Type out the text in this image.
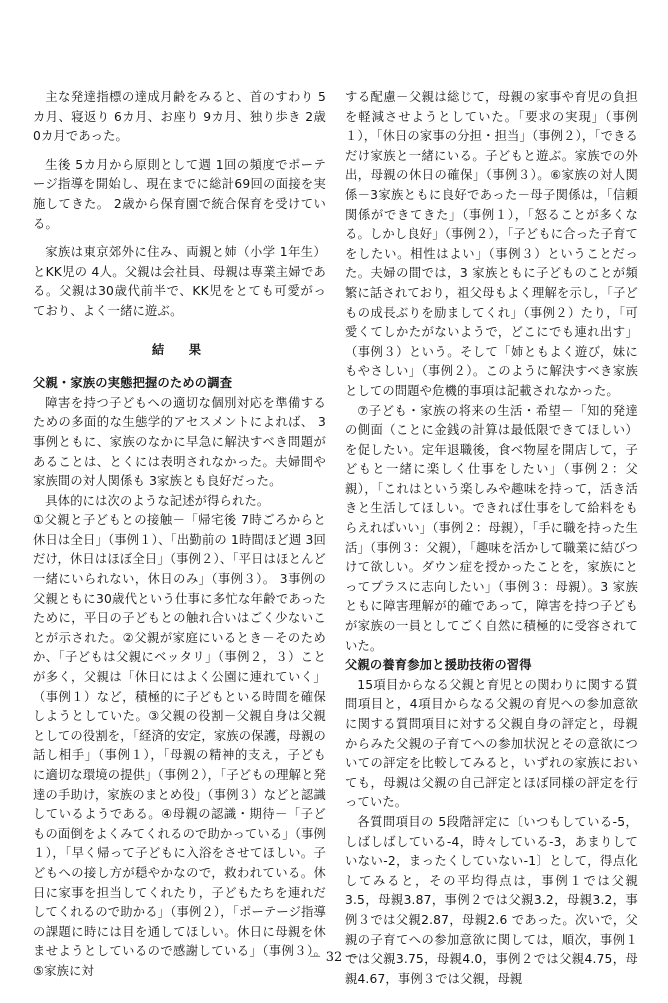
主な発達指標の達成月齢をみると、首のすわり 5カ月、寝返り 6カ月、お座り 9カ月、独り歩き 2歳 0カ月であった。

生後 5カ月から原則として週 1回の頻度でポーテージ指導を開始し、現在までに総計69回の面接を実施してきた。 2歳から保育園で統合保育を受けている。

家族は東京郊外に住み、両親と姉（小学 1年生）とKK児の 4人。父親は会社員、母親は専業主婦である。父親は30歳代前半で、KK児をとても可愛がっており、よく一緒に遊ぶ。

結　果
父親・家族の実態把握のための調査

障害を持つ子どもへの適切な個別対応を準備するための多面的な生態学的アセスメントによれば、 3事例ともに、家族のなかに早急に解決すべき問題があることは、とくには表明されなかった。夫婦間や家族間の対人関係も 3家族とも良好だった。

具体的には次のような記述が得られた。

①父親と子どもとの接触－「帰宅後 7時ごろからと休日は全日」（事例１）、「出勤前の 1時間ほど週 3回だけ，休日はほぼ全日」（事例２）、「平日はほとんど一緒にいられない，休日のみ」（事例３）。 3事例の父親ともに30歳代という仕事に多忙な年齢であったために，平日の子どもとの触れ合いはごく少ないことが示された。②父親が家庭にいるとき－そのためか、「子どもは父親にベッタリ」（事例２，３）ことが多く，父親は「休日にはよく公園に連れていく」（事例１）など，積極的に子どもといる時間を確保しようとしていた。③父親の役割－父親自身は父親としての役割を，「経済的安定，家族の保護，母親の話し相手」（事例１），「母親の精神的支え，子どもに適切な環境の提供」（事例２），「子どもの理解と発達の手助け，家族のまとめ役」（事例３）などと認識しているようである。④母親の認識・期待－「子どもの面倒をよくみてくれるので助かっている」（事例１），「早く帰って子どもに入浴をさせてほしい。子どもへの接し方が穏やかなので，救われている。休日に家事を担当してくれたり，子どもたちを連れだしてくれるので助かる」（事例２），「ポーテージ指導の課題に時には目を通してほしい。休日に母親を休ませようとしているので感謝している」（事例３）。⑤家族に対

する配慮－父親は総じて，母親の家事や育児の負担を軽減させようとしていた。「要求の実現」（事例１），「休日の家事の分担・担当」（事例２），「できるだけ家族と一緒にいる。子どもと遊ぶ。家族での外出，母親の休日の確保」（事例３）。⑥家族の対人関係－3家族ともに良好であった－母子関係は，「信頼関係ができてきた」（事例１），「怒ることが多くなる。しかし良好」（事例２），「子どもに合った子育てをしたい。相性はよい」（事例３）ということだった。夫婦の間では，3 家族ともに子どものことが頻繁に話されており，祖父母もよく理解を示し，「子どもの成長ぶりを励ましてくれ」（事例２）たり，「可愛くてしかたがないようで，どこにでも連れ出す」（事例３）という。そして「姉ともよく遊び，妹にもやさしい」（事例２）。このように解決すべき家族としての問題や危機的事項は記載されなかった。

⑦子ども・家族の将来の生活・希望－「知的発達の側面（ことに金銭の計算は最低限できてほしい）を促したい。定年退職後，食べ物屋を開店して，子どもと一緒に楽しく仕事をしたい」（事例２：父親），「これはという楽しみや趣味を持って，活き活きと生活してほしい。できれば仕事をして給料をもらえればいい」（事例２：母親），「手に職を持った生活」（事例３：父親），「趣味を活かして職業に結びつけて欲しい。ダウン症を授かったことを，家族にとってプラスに志向したい」（事例３：母親）。3 家族ともに障害理解が的確であって，障害を持つ子どもが家族の一員としてごく自然に積極的に受容されていた。

父親の養育参加と援助技術の習得

15項目からなる父親と育児との関わりに関する質問項目と，4項目からなる父親の育児への参加意欲に関する質問項目に対する父親自身の評定と，母親からみた父親の子育てへの参加状況とその意欲についての評定を比較してみると，いずれの家族においても，母親は父親の自己評定とほぼ同様の評定を行っていた。

各質問項目の 5段階評定に〔いつもしている-5，しばしばしている-4，時々している-3，あまりしていない-2，まったくしていない-1〕として，得点化してみると，その平均得点は，事例１では父親3.5，母親3.87，事例２では父親3.2，母親3.2，事例３では父親2.87，母親2.6 であった。次いで，父親の子育てへの参加意欲に関しては，順次，事例１では父親3.75，母親4.0，事例２では父親4.75，母親4.67，事例３では父親，母親

－ 32 －
